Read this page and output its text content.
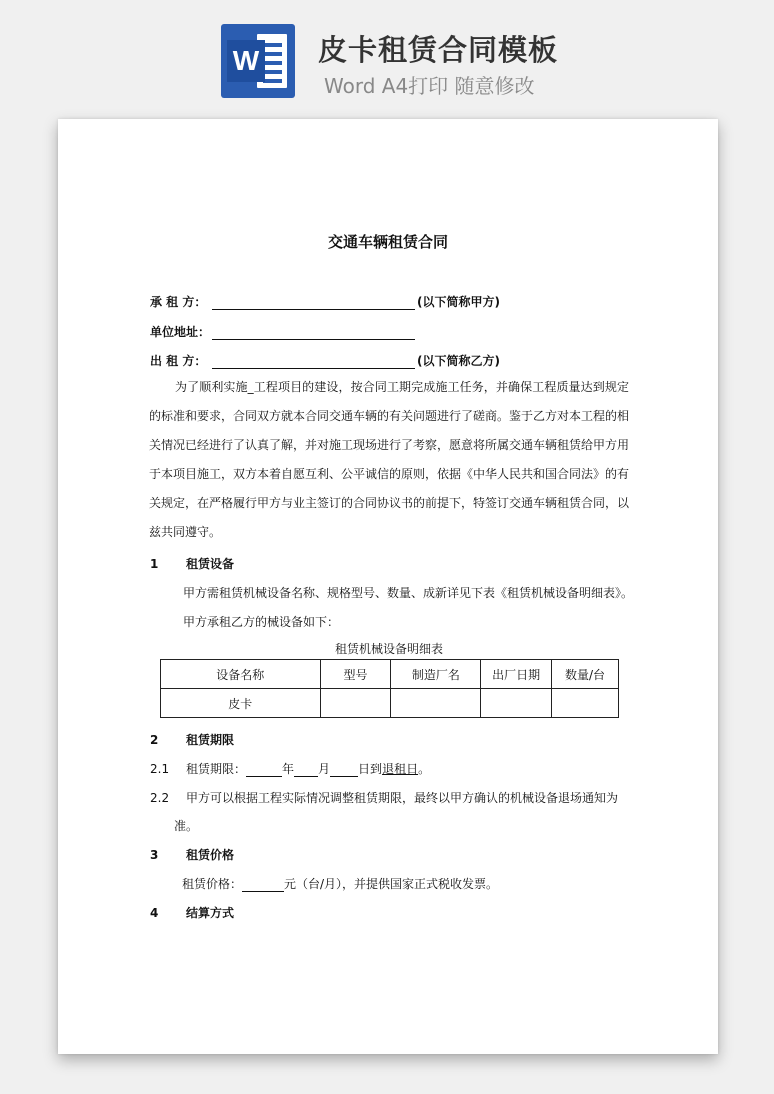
W 皮卡租赁合同模板
Word A4打印 随意修改
交通车辆租赁合同
承 租 方：	(以下简称甲方)
单位地址：
出 租 方：	(以下简称乙方)

为了顺利实施_工程项目的建设，按合同工期完成施工任务，并确保工程质量达到规定的标准和要求，合同双方就本合同交通车辆的有关问题进行了磋商。鉴于乙方对本工程的相关情况已经进行了认真了解，并对施工现场进行了考察，愿意将所属交通车辆租赁给甲方用于本项目施工，双方本着自愿互利、公平诚信的原则，依据《中华人民共和国合同法》的有关规定，在严格履行甲方与业主签订的合同协议书的前提下，特签订交通车辆租赁合同，以兹共同遵守。

1 租赁设备
甲方需租赁机械设备名称、规格型号、数量、成新详见下表《租赁机械设备明细表》。
甲方承租乙方的械设备如下：
租赁机械设备明细表
设备名称	型号	制造厂名	出厂日期	数量/台
皮卡				
2 租赁期限
2.1 租赁期限：	年 月 日到退租日。
2.2 甲方可以根据工程实际情况调整租赁期限，最终以甲方确认的机械设备退场通知为
准。
3 租赁价格
租赁价格：	元（台/月），并提供国家正式税收发票。
4 结算方式
